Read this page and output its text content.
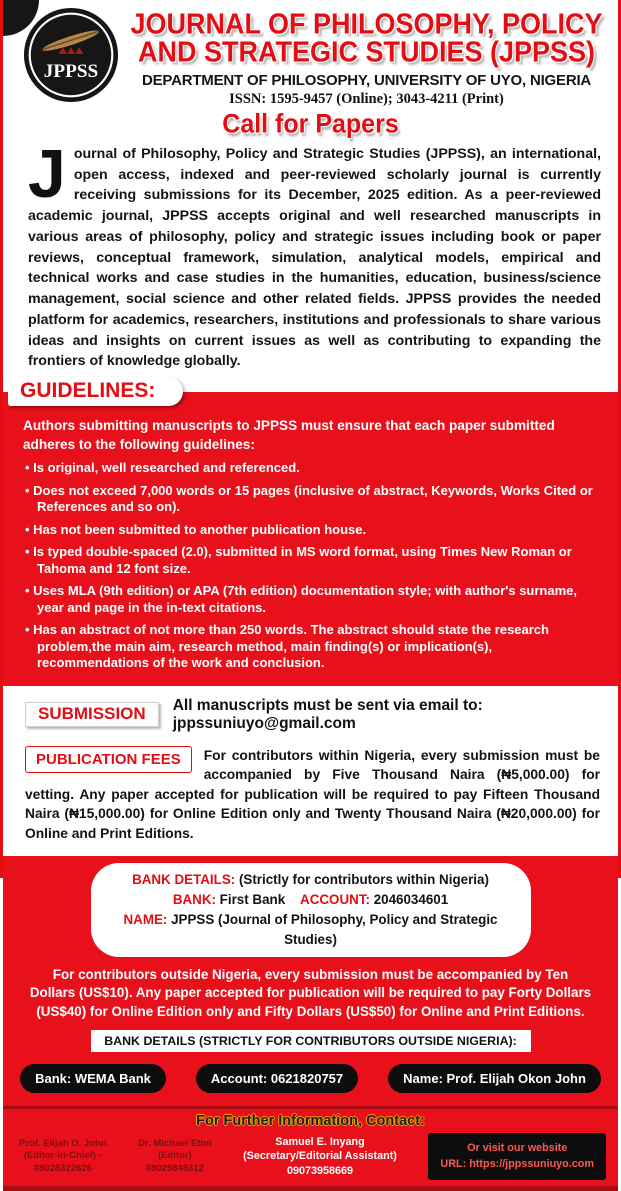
JPPSS
JOURNAL OF PHILOSOPHY, POLICY
AND STRATEGIC STUDIES (JPPSS)
DEPARTMENT OF PHILOSOPHY, UNIVERSITY OF UYO, NIGERIA
ISSN: 1595-9457 (Online); 3043-4211 (Print)
Call for Papers

Journal of Philosophy, Policy and Strategic Studies (JPPSS), an international, open access, indexed and peer-reviewed scholarly journal is currently receiving submissions for its December, 2025 edition. As a peer-reviewed academic journal, JPPSS accepts original and well researched manuscripts in various areas of philosophy, policy and strategic issues including book or paper reviews, conceptual framework, simulation, analytical models, empirical and technical works and case studies in the humanities, education, business/science management, social science and other related fields. JPPSS provides the needed platform for academics, researchers, institutions and professionals to share various ideas and insights on current issues as well as contributing to expanding the frontiers of knowledge globally.

GUIDELINES:

Authors submitting manuscripts to JPPSS must ensure that each paper submitted adheres to the following guidelines:

• Is original, well researched and referenced.
• Does not exceed 7,000 words or 15 pages (inclusive of abstract, Keywords, Works Cited or References and so on).
• Has not been submitted to another publication house.
• Is typed double-spaced (2.0), submitted in MS word format, using Times New Roman or Tahoma and 12 font size.
• Uses MLA (9th edition) or APA (7th edition) documentation style; with author's surname, year and page in the in-text citations.
• Has an abstract of not more than 250 words. The abstract should state the research problem,the main aim, research method, main finding(s) or implication(s), recommendations of the work and conclusion.
SUBMISSION	All manuscripts must be sent via email to: jppssuniuyo@gmail.com
PUBLICATION FEES	For contributors within Nigeria, every submission must be accompanied by Five Thousand Naira (₦5,000.00) for vetting. Any paper accepted for publication will be required to pay Fifteen Thousand Naira (₦15,000.00) for Online Edition only and Twenty Thousand Naira (₦20,000.00) for Online and Print Editions.
BANK DETAILS: (Strictly for contributors within Nigeria)
BANK: First Bank ACCOUNT: 2046034601
NAME: JPPSS (Journal of Philosophy, Policy and Strategic Studies)

For contributors outside Nigeria, every submission must be accompanied by Ten Dollars (US$10). Any paper accepted for publication will be required to pay Forty Dollars (US$40) for Online Edition only and Fifty Dollars (US$50) for Online and Print Editions.

BANK DETAILS (STRICTLY FOR CONTRIBUTORS OUTSIDE NIGERIA):
Bank: WEMA Bank	Account: 0621820757	Name: Prof. Elijah Okon John
For Further Information, Contact:
Prof. Elijah O. John
(Editor-in-Chief) -
08028322626
Dr. Michael Etim
(Editor)
08029848312
Samuel E. Inyang
(Secretary/Editorial Assistant)
09073958669
Or visit our website
URL: https://jppssuniuyo.com
